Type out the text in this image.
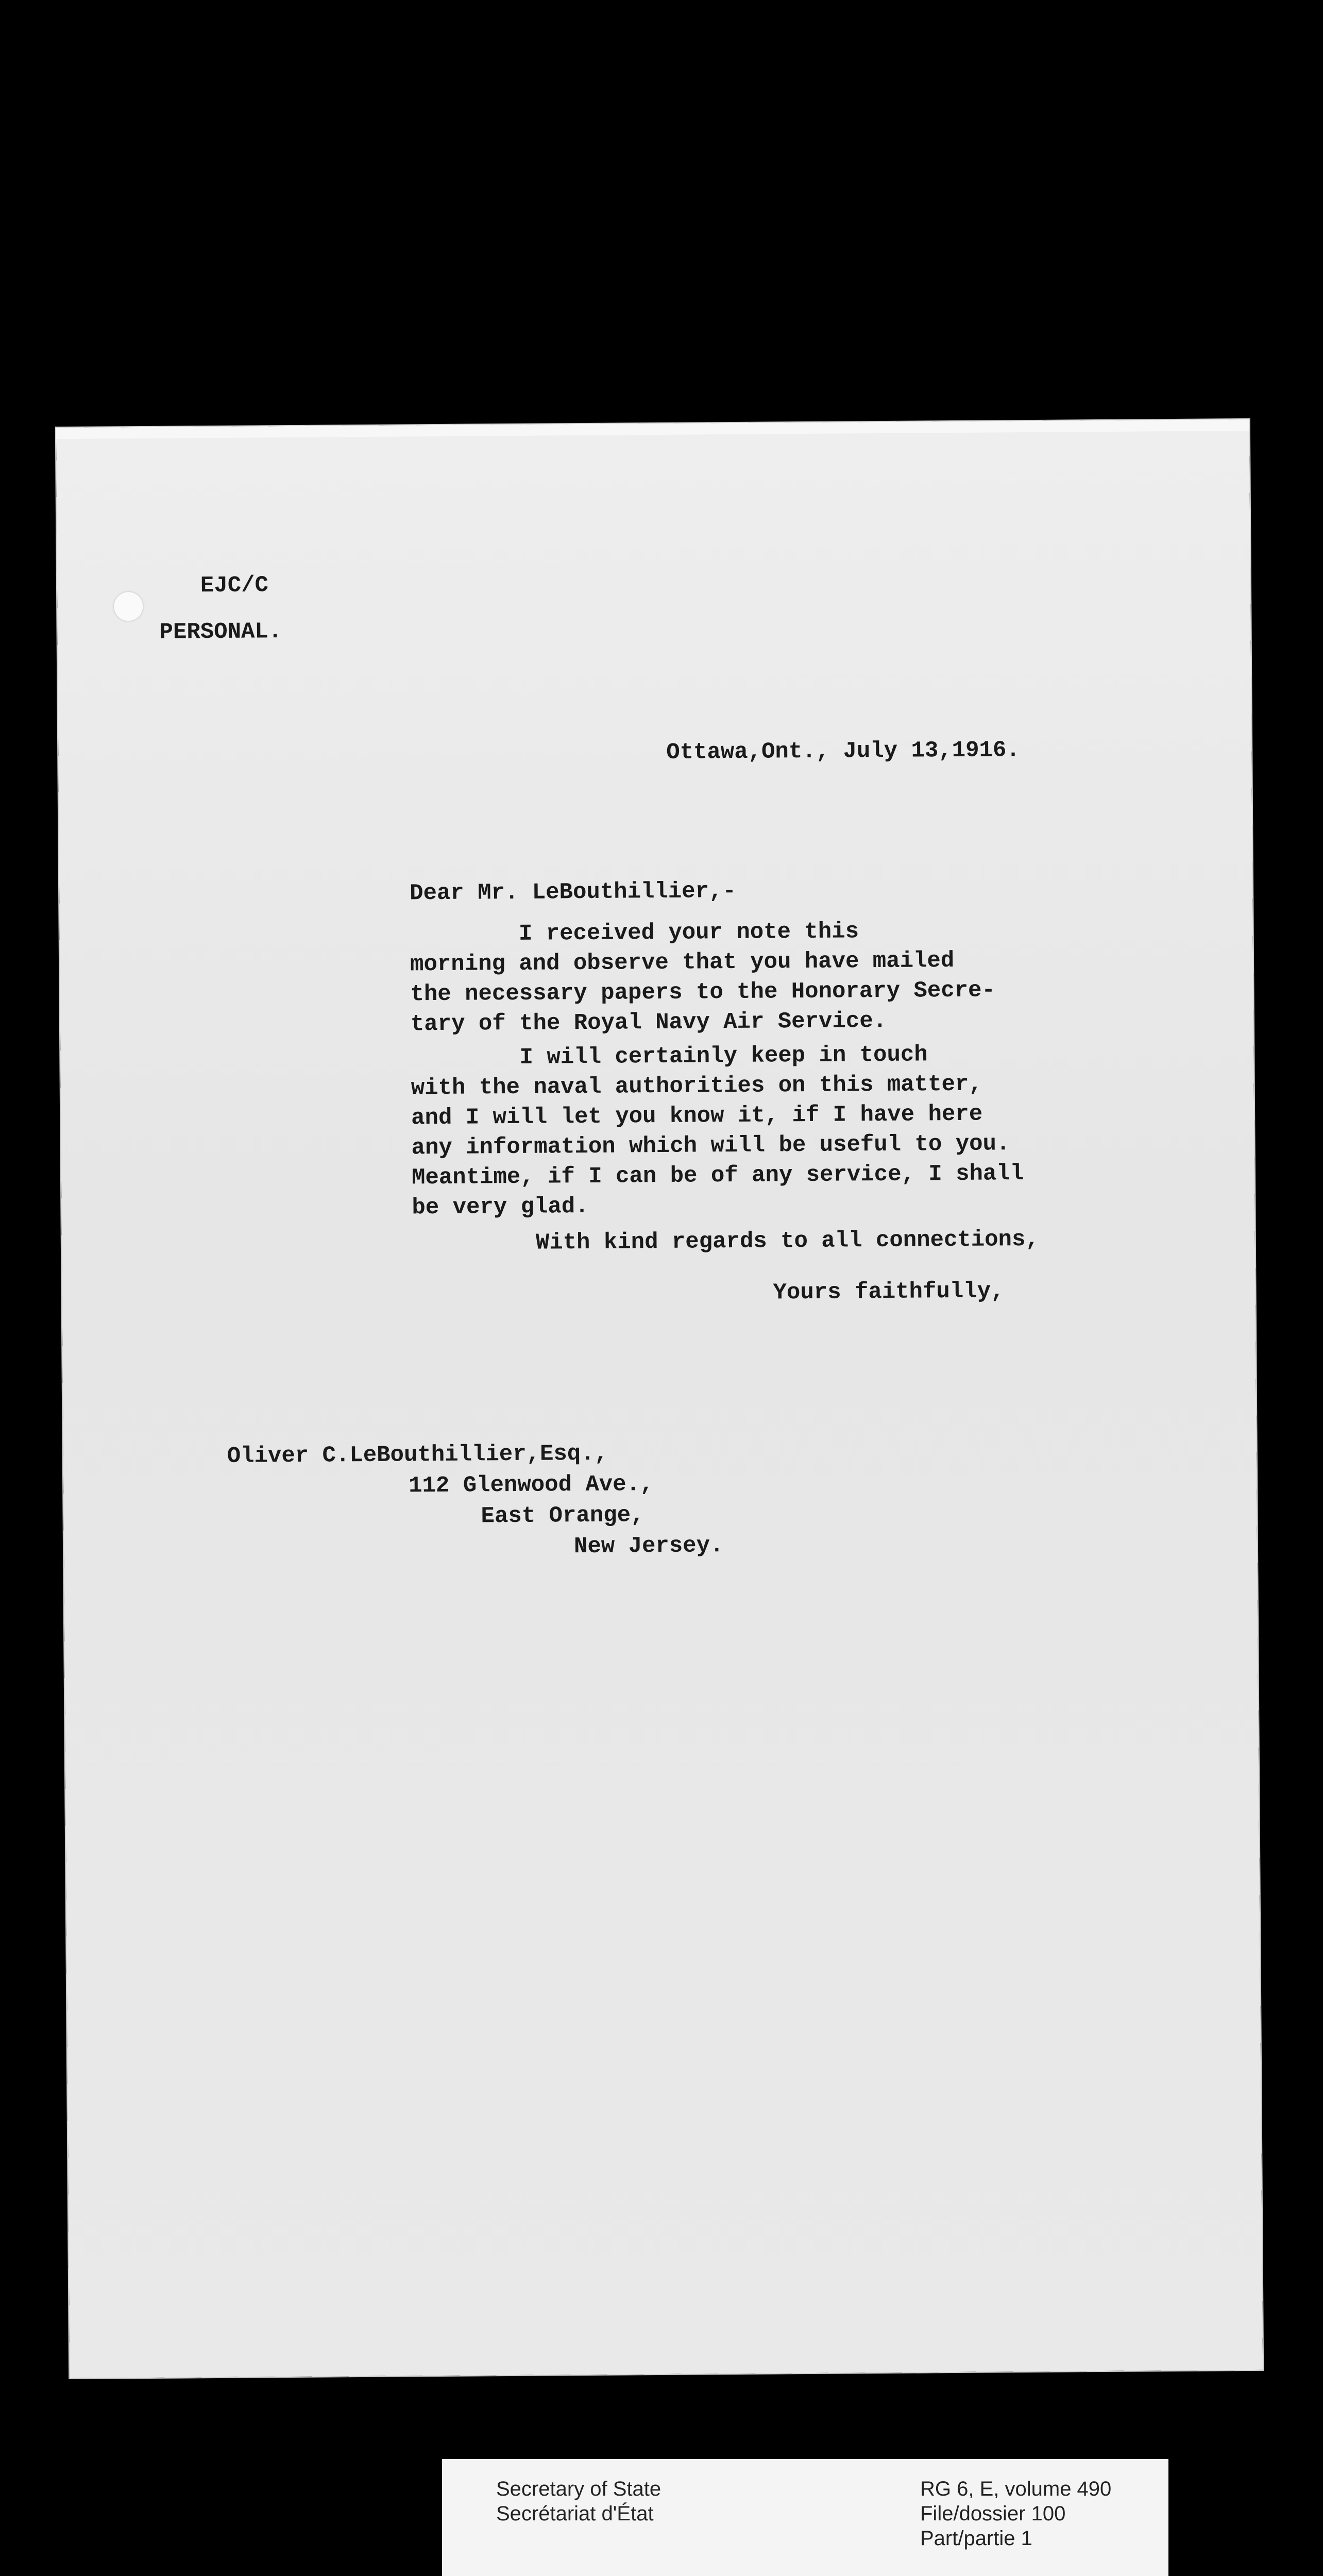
EJC/C
PERSONAL.
Ottawa,Ont., July 13,1916.
Dear Mr. LeBouthillier,-
I received your note this
morning and observe that you have mailed
the necessary papers to the Honorary Secre-
tary of the Royal Navy Air Service.
I will certainly keep in touch
with the naval authorities on this matter,
and I will let you know it, if I have here
any information which will be useful to you.
Meantime, if I can be of any service, I shall
be very glad.
With kind regards to all connections,
Yours faithfully,
Oliver C.LeBouthillier,Esq.,
112 Glenwood Ave.,
East Orange,
New Jersey.
Secretary of State
Secrétariat d'État
RG 6, E, volume 490
File/dossier 100
Part/partie 1
